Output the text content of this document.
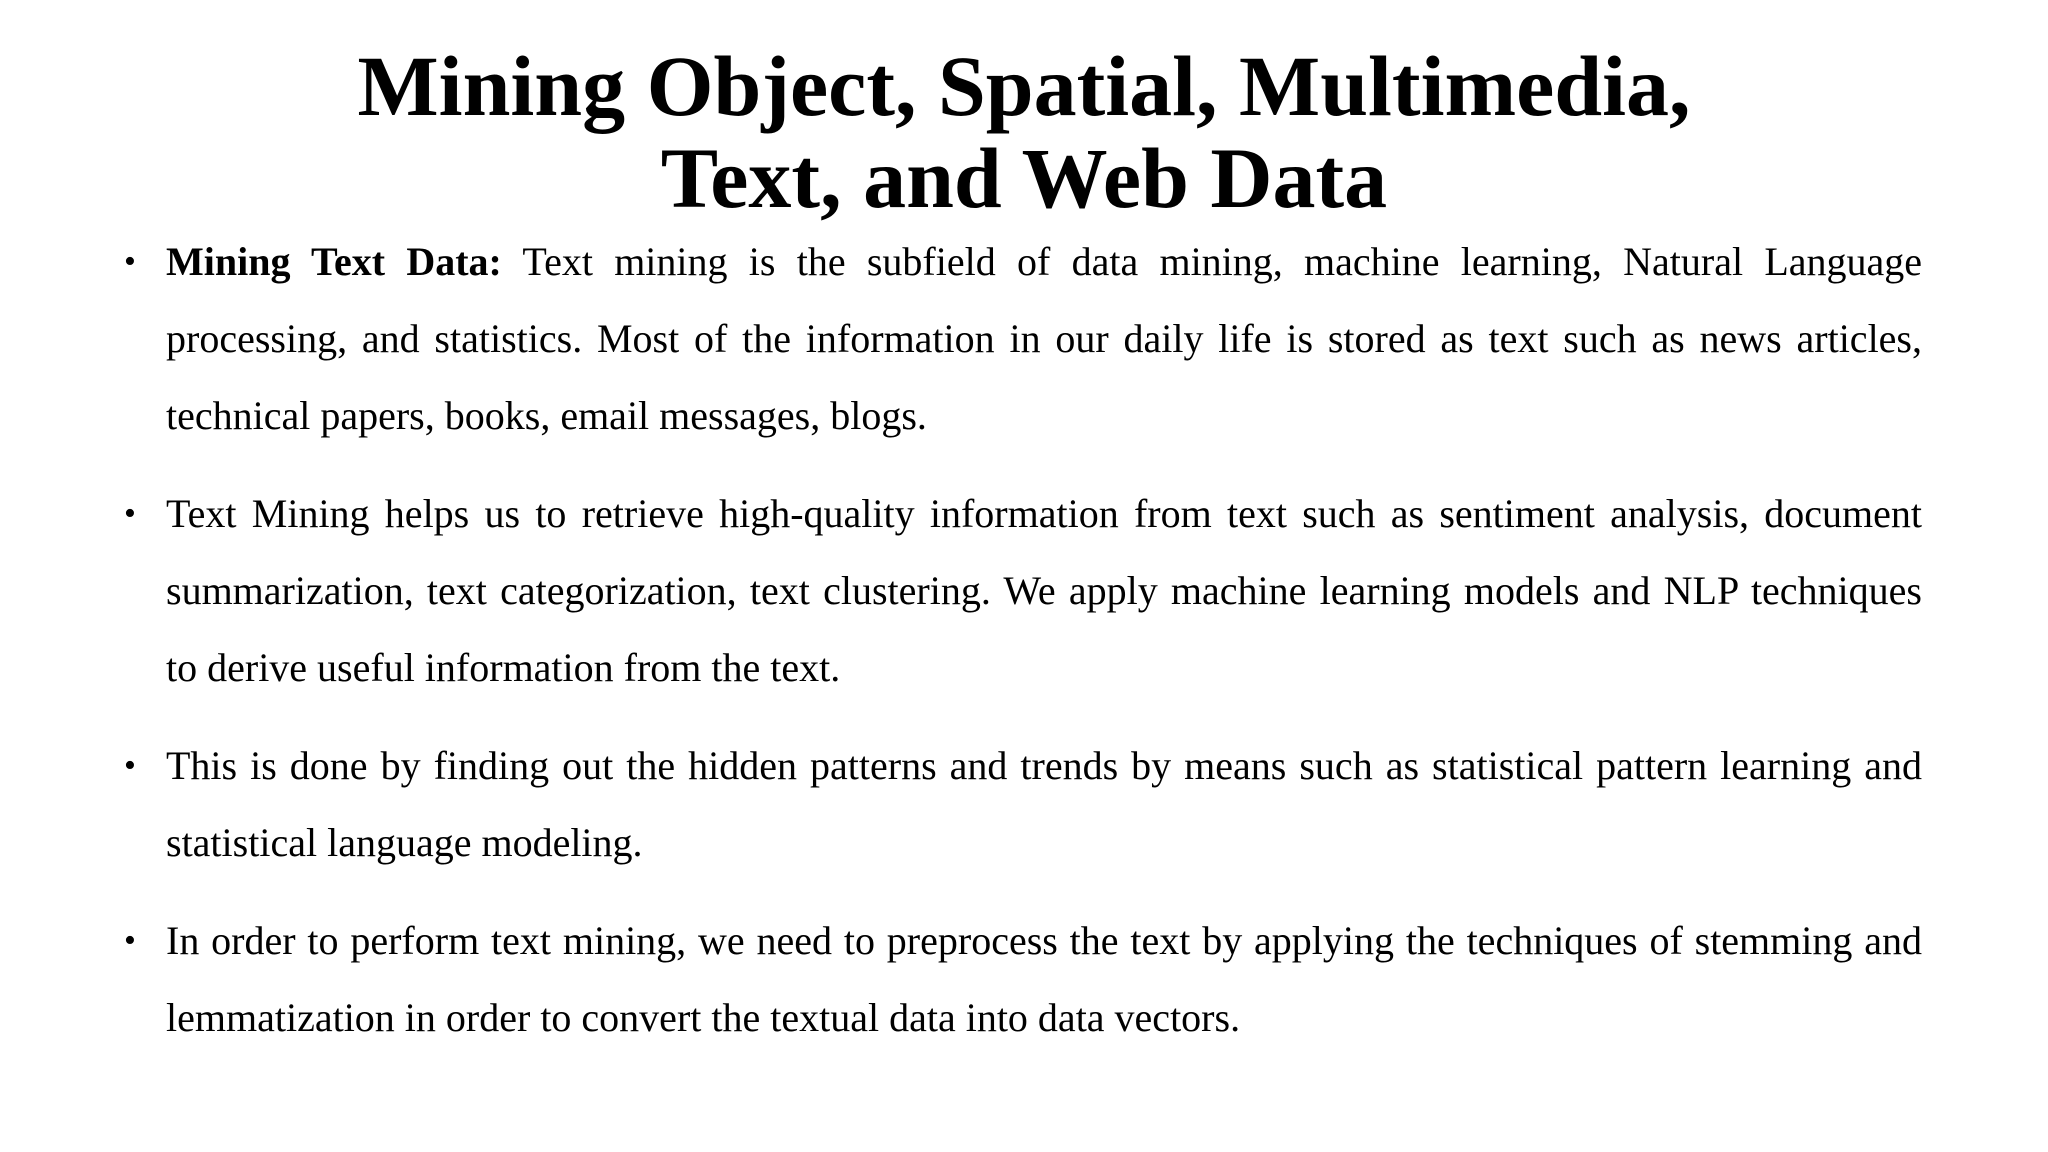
Mining Object, Spatial, Multimedia,
Text, and Web Data
• Mining Text Data: Text mining is the subfield of data mining, machine learning, Natural Language processing, and statistics. Most of the information in our daily life is stored as text such as news articles, technical papers, books, email messages, blogs.
• Text Mining helps us to retrieve high-quality information from text such as sentiment analysis, document summarization, text categorization, text clustering. We apply machine learning models and NLP techniques to derive useful information from the text.
• This is done by finding out the hidden patterns and trends by means such as statistical pattern learning and statistical language modeling.
• In order to perform text mining, we need to preprocess the text by applying the techniques of stemming and lemmatization in order to convert the textual data into data vectors.
